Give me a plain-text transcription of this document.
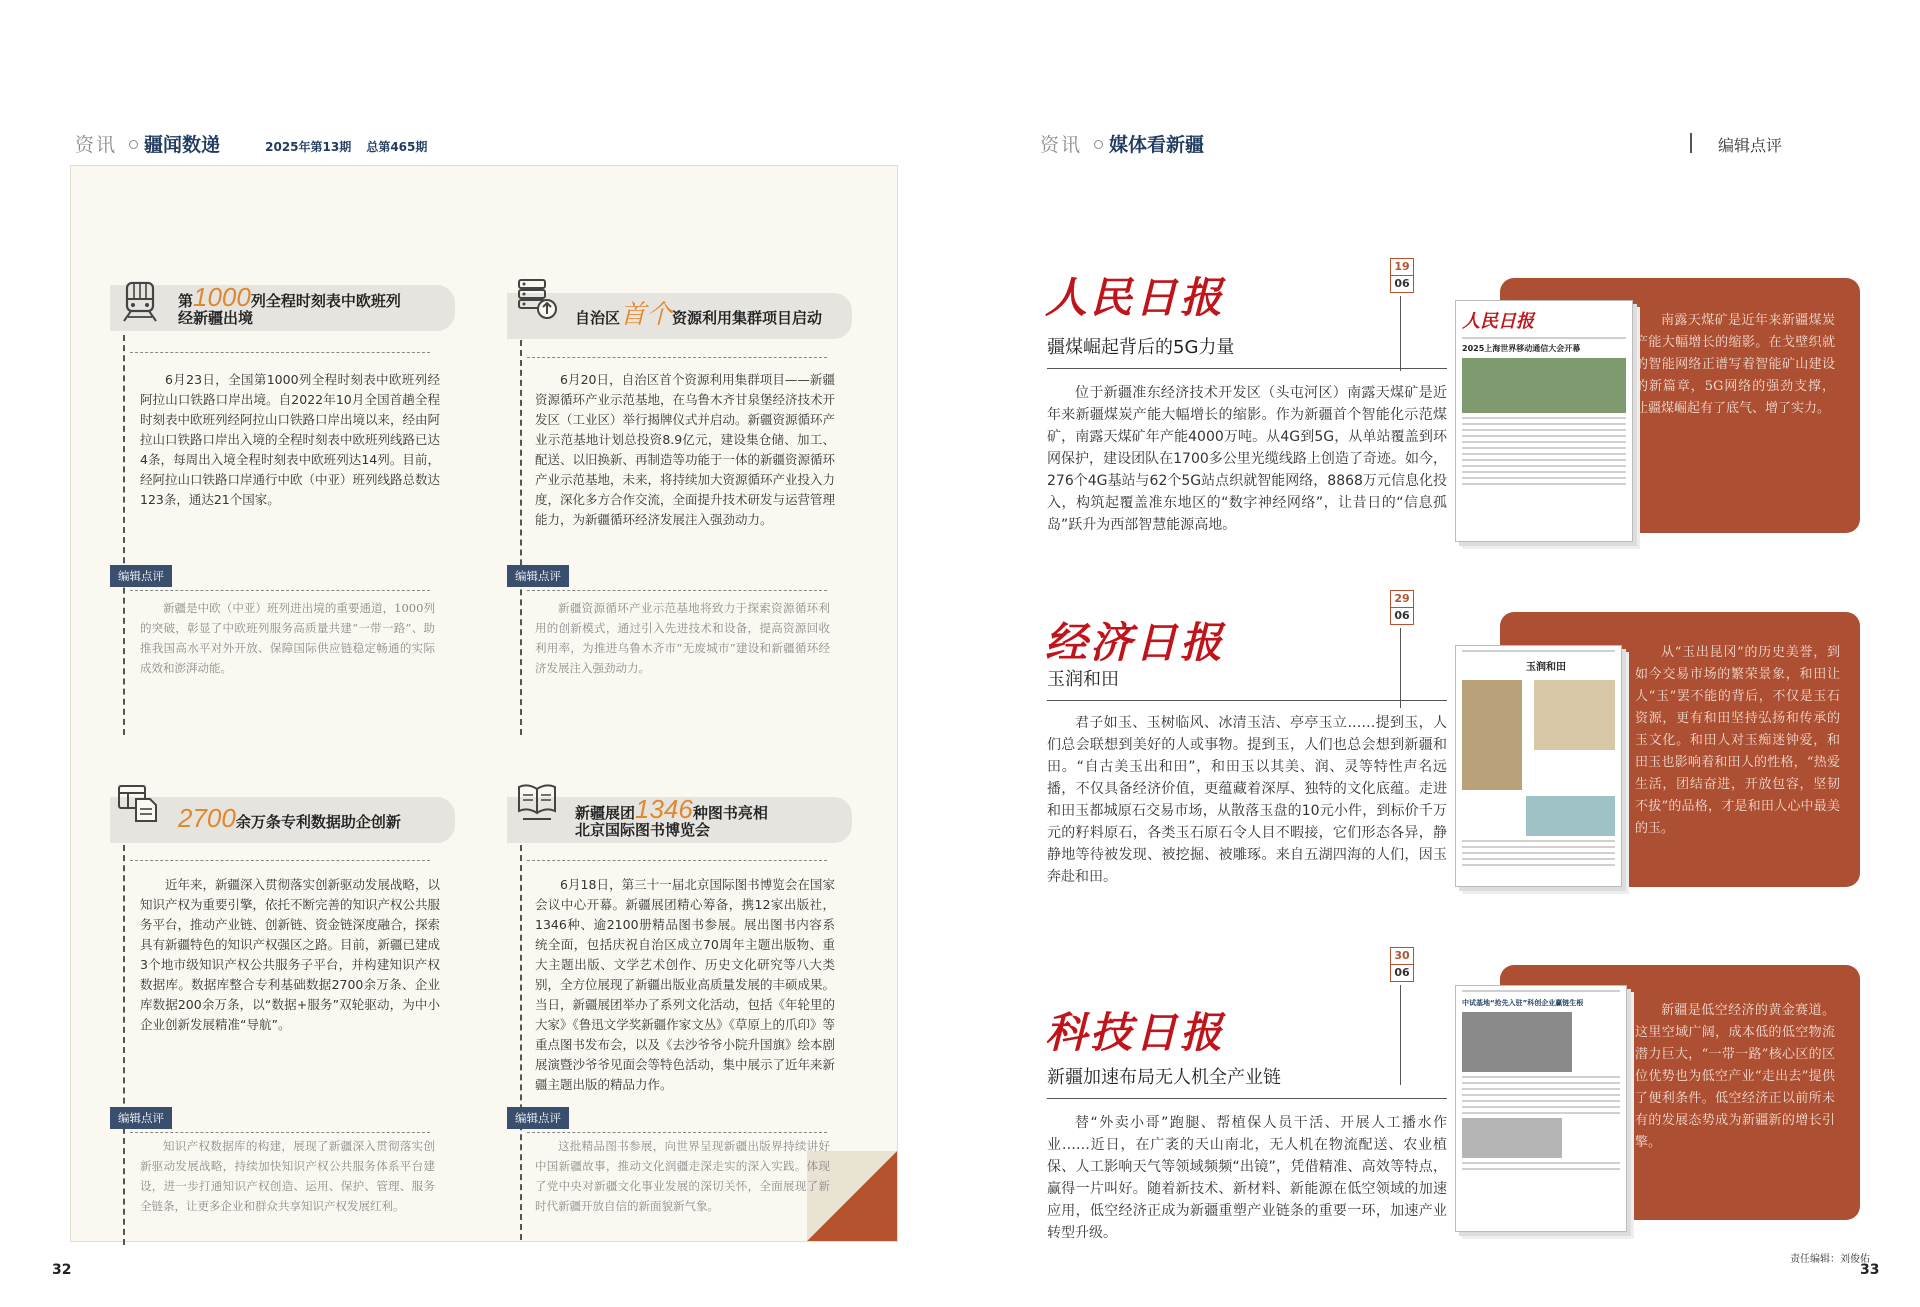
资讯 疆闻数递	2025年第13期 总第465期
第1000列全程时刻表中欧班列
经新疆出境
6月23日，全国第1000列全程时刻表中欧班列经阿拉山口铁路口岸出境。自2022年10月全国首趟全程时刻表中欧班列经阿拉山口铁路口岸出境以来，经由阿拉山口铁路口岸出入境的全程时刻表中欧班列线路已达4条，每周出入境全程时刻表中欧班列达14列。目前，经阿拉山口铁路口岸通行中欧（中亚）班列线路总数达123条，通达21个国家。
编辑点评
新疆是中欧（中亚）班列进出境的重要通道，1000列的突破，彰显了中欧班列服务高质量共建“一带一路”、助推我国高水平对外开放、保障国际供应链稳定畅通的实际成效和澎湃动能。
自治区首个资源利用集群项目启动
6月20日，自治区首个资源利用集群项目——新疆资源循环产业示范基地，在乌鲁木齐甘泉堡经济技术开发区（工业区）举行揭牌仪式并启动。新疆资源循环产业示范基地计划总投资8.9亿元，建设集仓储、加工、配送、以旧换新、再制造等功能于一体的新疆资源循环产业示范基地，未来，将持续加大资源循环产业投入力度，深化多方合作交流，全面提升技术研发与运营管理能力，为新疆循环经济发展注入强劲动力。
编辑点评
新疆资源循环产业示范基地将致力于探索资源循环利用的创新模式，通过引入先进技术和设备，提高资源回收利用率，为推进乌鲁木齐市“无废城市”建设和新疆循环经济发展注入强劲动力。
2700余万条专利数据助企创新
近年来，新疆深入贯彻落实创新驱动发展战略，以知识产权为重要引擎，依托不断完善的知识产权公共服务平台，推动产业链、创新链、资金链深度融合，探索具有新疆特色的知识产权强区之路。目前，新疆已建成3个地市级知识产权公共服务子平台，并构建知识产权数据库。数据库整合专利基础数据2700余万条、企业库数据200余万条，以“数据+服务”双轮驱动，为中小企业创新发展精准“导航”。
编辑点评
知识产权数据库的构建，展现了新疆深入贯彻落实创新驱动发展战略，持续加快知识产权公共服务体系平台建设，进一步打通知识产权创造、运用、保护、管理、服务全链条，让更多企业和群众共享知识产权发展红利。
新疆展团1346种图书亮相
北京国际图书博览会
6月18日，第三十一届北京国际图书博览会在国家会议中心开幕。新疆展团精心筹备，携12家出版社，1346种、逾2100册精品图书参展。展出图书内容系统全面，包括庆祝自治区成立70周年主题出版物、重大主题出版、文学艺术创作、历史文化研究等八大类别，全方位展现了新疆出版业高质量发展的丰硕成果。当日，新疆展团举办了系列文化活动，包括《年轮里的大家》《鲁迅文学奖新疆作家文丛》《草原上的爪印》等重点图书发布会，以及《去沙爷爷小院升国旗》绘本剧展演暨沙爷爷见面会等特色活动，集中展示了近年来新疆主题出版的精品力作。
编辑点评
这批精品图书参展，向世界呈现新疆出版界持续讲好中国新疆故事，推动文化润疆走深走实的深入实践。体现了党中央对新疆文化事业发展的深切关怀，全面展现了新时代新疆开放自信的新面貌新气象。
32
资讯 媒体看新疆	编辑点评
人民日报
19
06
疆煤崛起背后的5G力量
位于新疆准东经济技术开发区（头屯河区）南露天煤矿是近年来新疆煤炭产能大幅增长的缩影。作为新疆首个智能化示范煤矿，南露天煤矿年产能4000万吨。从4G到5G，从单站覆盖到环网保护，建设团队在1700多公里光缆线路上创造了奇迹。如今，276个4G基站与62个5G站点织就智能网络，8868万元信息化投入，构筑起覆盖准东地区的“数字神经网络”，让昔日的“信息孤岛”跃升为西部智慧能源高地。
南露天煤矿是近年来新疆煤炭产能大幅增长的缩影。在戈壁织就的智能网络正谱写着智能矿山建设的新篇章，5G网络的强劲支撑，让疆煤崛起有了底气、增了实力。
人民日报
2025上海世界移动通信大会开幕
经济日报
29
06
玉润和田
君子如玉、玉树临风、冰清玉洁、亭亭玉立……提到玉，人们总会联想到美好的人或事物。提到玉，人们也总会想到新疆和田。“自古美玉出和田”，和田玉以其美、润、灵等特性声名远播，不仅具备经济价值，更蕴藏着深厚、独特的文化底蕴。走进和田玉都城原石交易市场，从散落玉盘的10元小件，到标价千万元的籽料原石，各类玉石原石令人目不暇接，它们形态各异，静静地等待被发现、被挖掘、被雕琢。来自五湖四海的人们，因玉奔赴和田。
从“玉出昆冈”的历史美誉，到如今交易市场的繁荣景象，和田让人“玉”罢不能的背后，不仅是玉石资源，更有和田坚持弘扬和传承的玉文化。和田人对玉痴迷钟爱，和田玉也影响着和田人的性格，“热爱生活，团结奋进，开放包容，坚韧不拔”的品格，才是和田人心中最美的玉。
玉润和田
科技日报
30
06
新疆加速布局无人机全产业链
替“外卖小哥”跑腿、帮植保人员干活、开展人工播水作业……近日，在广袤的天山南北，无人机在物流配送、农业植保、人工影响天气等领域频频“出镜”，凭借精准、高效等特点，赢得一片叫好。随着新技术、新材料、新能源在低空领域的加速应用，低空经济正成为新疆重塑产业链条的重要一环，加速产业转型升级。
新疆是低空经济的黄金赛道。这里空域广阔，成本低的低空物流潜力巨大，“一带一路”核心区的区位优势也为低空产业“走出去”提供了便利条件。低空经济正以前所未有的发展态势成为新疆新的增长引擎。
中试基地“抢先入驻”科创企业赢链生根
责任编辑：刘俊佑
33
